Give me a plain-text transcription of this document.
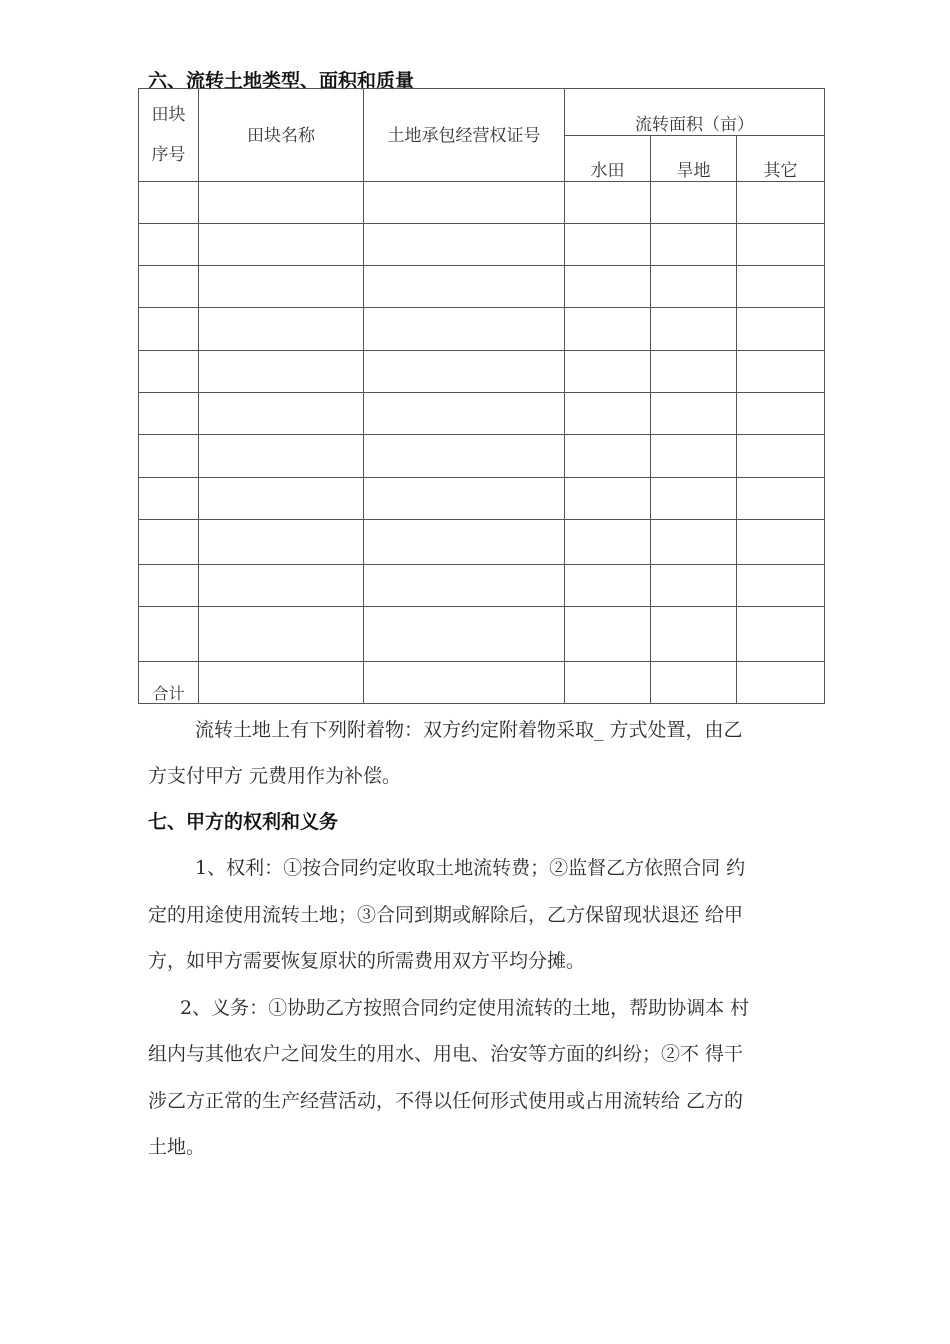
六、流转土地类型、面积和质量
田块
序号	田块名称	土地承包经营权证号	流转面积（亩）		
			水田	旱地	其它

合计					
流转土地上有下列附着物：双方约定附着物采取_ 方式处置，由乙
方支付甲方 元费用作为补偿。
七、甲方的权利和义务
1、权利：①按合同约定收取土地流转费；②监督乙方依照合同 约
定的用途使用流转土地；③合同到期或解除后，乙方保留现状退还 给甲
方，如甲方需要恢复原状的所需费用双方平均分摊。
2、义务：①协助乙方按照合同约定使用流转的土地，帮助协调本 村
组内与其他农户之间发生的用水、用电、治安等方面的纠纷；②不 得干
涉乙方正常的生产经营活动，不得以任何形式使用或占用流转给 乙方的
土地。
